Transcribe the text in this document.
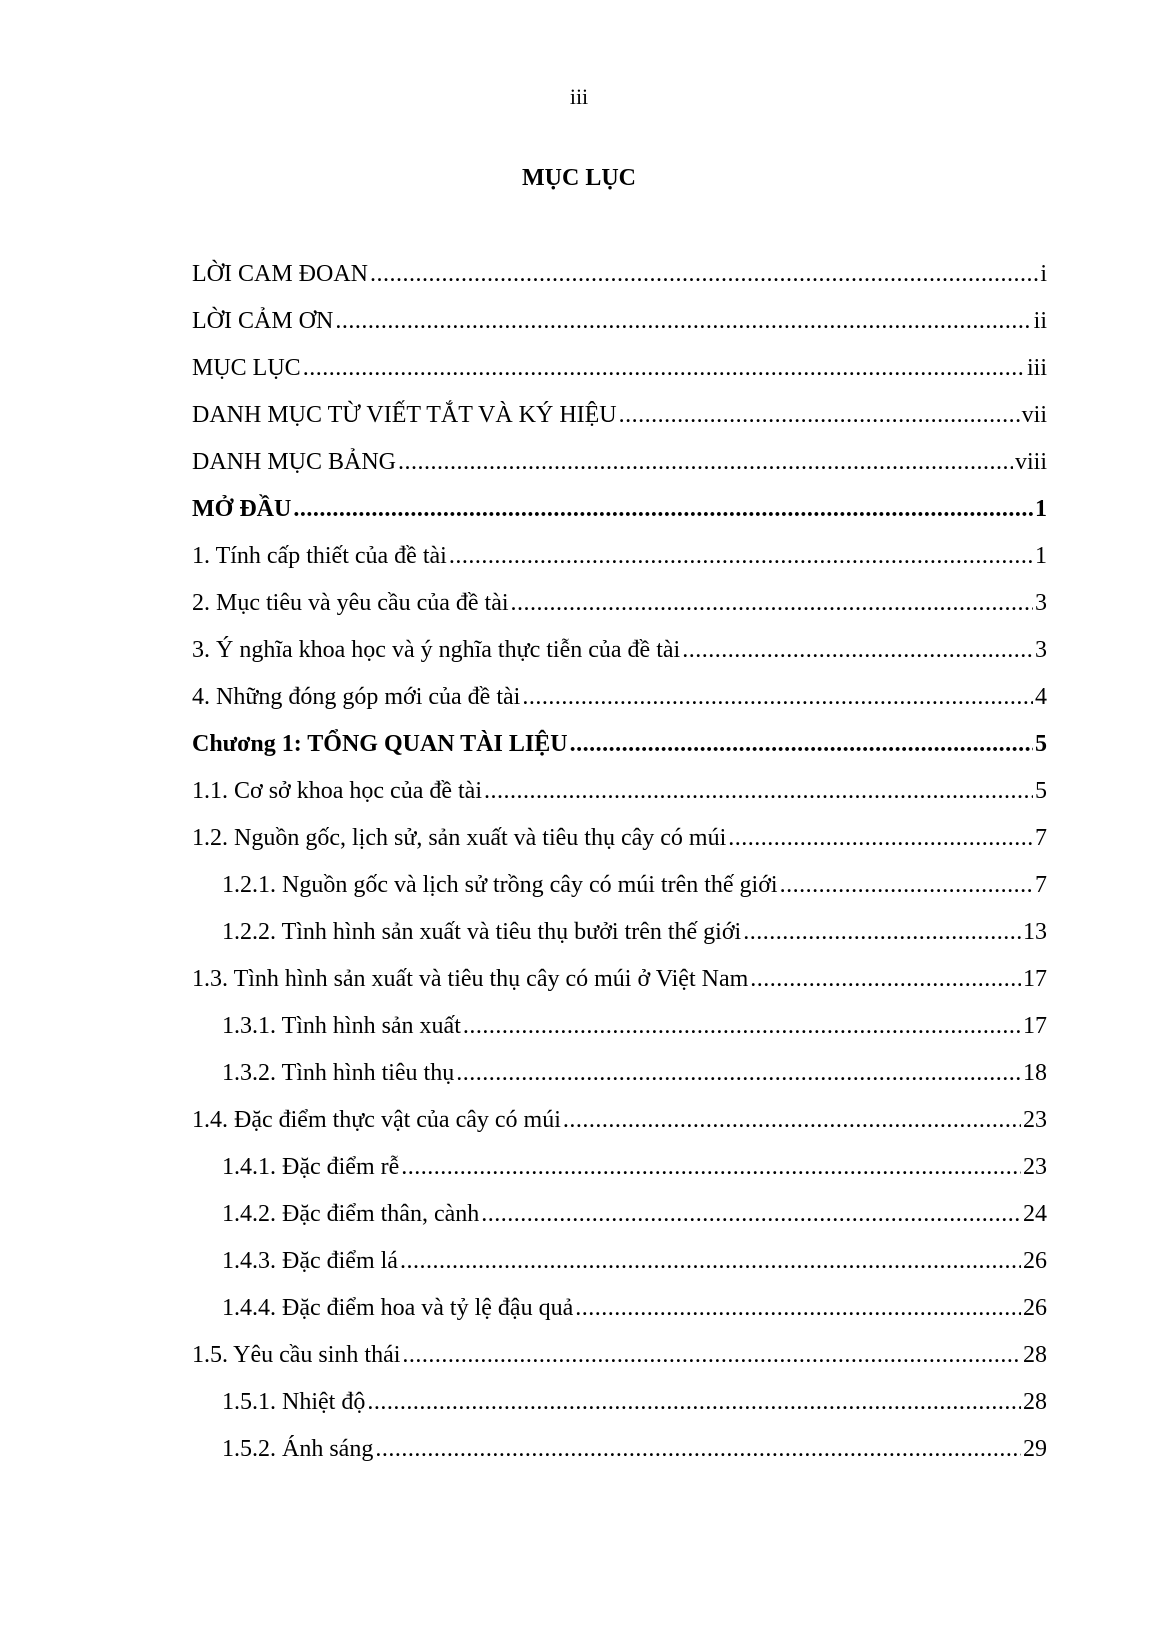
iii
MỤC LỤC
LỜI CAM ĐOAN .....	i
LỜI CẢM ƠN .....	ii
MỤC LỤC .....	iii
DANH MỤC TỪ VIẾT TẮT VÀ KÝ HIỆU .....	vii
DANH MỤC BẢNG .....	viii
MỞ ĐẦU .....	1
1. Tính cấp thiết của đề tài .....	1
2. Mục tiêu và yêu cầu của đề tài .....	3
3. Ý nghĩa khoa học và ý nghĩa thực tiễn của đề tài .....	3
4. Những đóng góp mới của đề tài .....	4
Chương 1: TỔNG QUAN TÀI LIỆU .....	5
1.1. Cơ sở khoa học của đề tài .....	5
1.2. Nguồn gốc, lịch sử, sản xuất và tiêu thụ cây có múi .....	7
1.2.1. Nguồn gốc và lịch sử trồng cây có múi trên thế giới .....	7
1.2.2. Tình hình sản xuất và tiêu thụ bưởi trên thế giới .....	13
1.3. Tình hình sản xuất và tiêu thụ cây có múi ở Việt Nam .....	17
1.3.1. Tình hình sản xuất .....	17
1.3.2. Tình hình tiêu thụ .....	18
1.4. Đặc điểm thực vật của cây có múi .....	23
1.4.1. Đặc điểm rễ .....	23
1.4.2. Đặc điểm thân, cành .....	24
1.4.3. Đặc điểm lá .....	26
1.4.4. Đặc điểm hoa và tỷ lệ đậu quả .....	26
1.5. Yêu cầu sinh thái .....	28
1.5.1. Nhiệt độ .....	28
1.5.2. Ánh sáng .....	29
